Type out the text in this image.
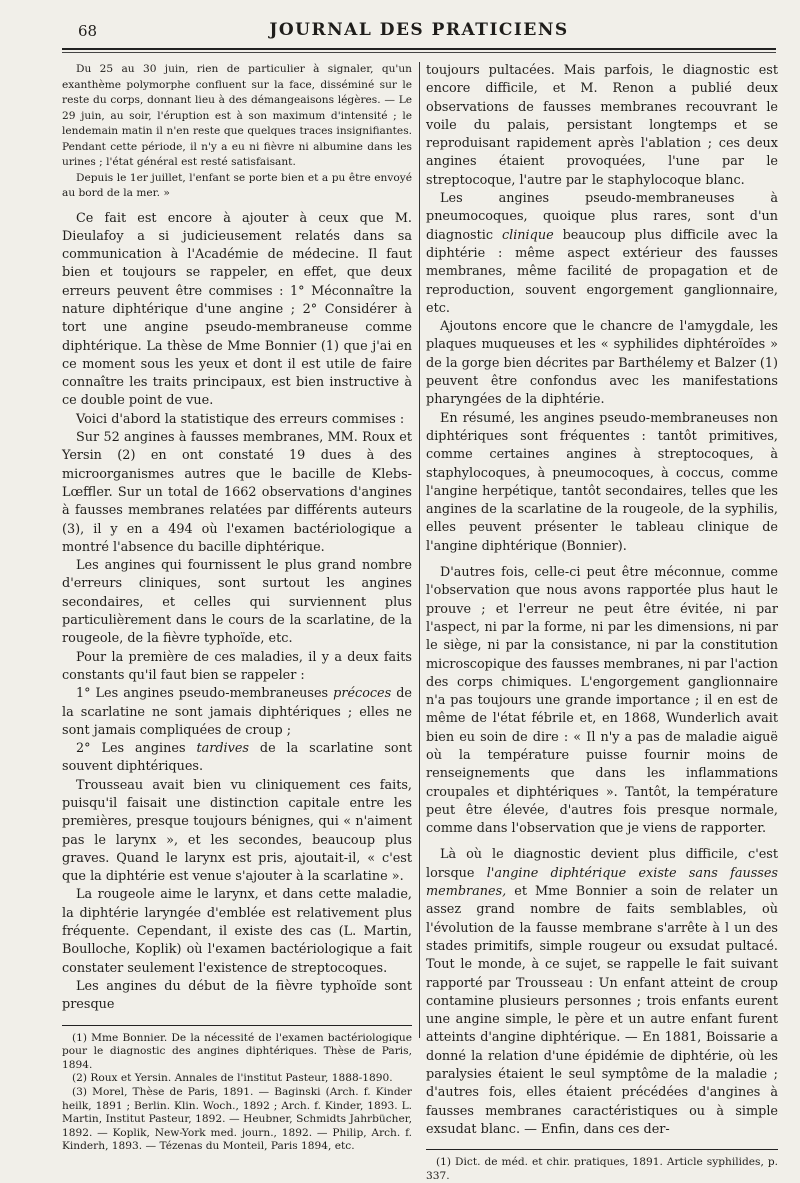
68	JOURNAL DES PRATICIENS

Du 25 au 30 juin, rien de particulier à signaler, qu'un exanthème polymorphe confluent sur la face, disséminé sur le reste du corps, donnant lieu à des démangeaisons légères. — Le 29 juin, au soir, l'éruption est à son maximum d'intensité ; le lendemain matin il n'en reste que quelques traces insignifiantes. Pendant cette période, il n'y a eu ni fièvre ni albumine dans les urines ; l'état général est resté satisfaisant.

Depuis le 1er juillet, l'enfant se porte bien et a pu être envoyé au bord de la mer. »

Ce fait est encore à ajouter à ceux que M. Dieulafoy a si judicieusement relatés dans sa communication à l'Académie de médecine. Il faut bien et toujours se rappeler, en effet, que deux erreurs peuvent être commises : 1° Méconnaître la nature diphtérique d'une angine ; 2° Considérer à tort une angine pseudo-membraneuse comme diphtérique. La thèse de Mme Bonnier (1) que j'ai en ce moment sous les yeux et dont il est utile de faire connaître les traits principaux, est bien instructive à ce double point de vue.

Voici d'abord la statistique des erreurs commises :

Sur 52 angines à fausses membranes, MM. Roux et Yersin (2) en ont constaté 19 dues à des microorganismes autres que le bacille de Klebs-Lœffler. Sur un total de 1662 observations d'angines à fausses membranes relatées par différents auteurs (3), il y en a 494 où l'examen bactériologique a montré l'absence du bacille diphtérique.

Les angines qui fournissent le plus grand nombre d'erreurs cliniques, sont surtout les angines secondaires, et celles qui surviennent plus particulièrement dans le cours de la scarlatine, de la rougeole, de la fièvre typhoïde, etc.

Pour la première de ces maladies, il y a deux faits constants qu'il faut bien se rappeler :

1° Les angines pseudo-membraneuses précoces de la scarlatine ne sont jamais diphtériques ; elles ne sont jamais compliquées de croup ;

2° Les angines tardives de la scarlatine sont souvent diphtériques.

Trousseau avait bien vu cliniquement ces faits, puisqu'il faisait une distinction capitale entre les premières, presque toujours bénignes, qui « n'aiment pas le larynx », et les secondes, beaucoup plus graves. Quand le larynx est pris, ajoutait-il, « c'est que la diphtérie est venue s'ajouter à la scarlatine ».

La rougeole aime le larynx, et dans cette maladie, la diphtérie laryngée d'emblée est relativement plus fréquente. Cependant, il existe des cas (L. Martin, Boulloche, Koplik) où l'examen bactériologique a fait constater seulement l'existence de streptocoques.

Les angines du début de la fièvre typhoïde sont presque

(1) Mme Bonnier. De la nécessité de l'examen bactériologique pour le diagnostic des angines diphtériques. Thèse de Paris, 1894.

(2) Roux et Yersin. Annales de l'institut Pasteur, 1888-1890.

(3) Morel, Thèse de Paris, 1891. — Baginski (Arch. f. Kinder heilk, 1891 ; Berlin. Klin. Woch., 1892 ; Arch. f. Kinder, 1893. L. Martin, Institut Pasteur, 1892. — Heubner, Schmidts Jahrbücher, 1892. — Koplik, New-York med. journ., 1892. — Philip, Arch. f. Kinderh, 1893. — Tézenas du Monteil, Paris 1894, etc.

toujours pultacées. Mais parfois, le diagnostic est encore difficile, et M. Renon a publié deux observations de fausses membranes recouvrant le voile du palais, persistant longtemps et se reproduisant rapidement après l'ablation ; ces deux angines étaient provoquées, l'une par le streptocoque, l'autre par le staphylocoque blanc.

Les angines pseudo-membraneuses à pneumocoques, quoique plus rares, sont d'un diagnostic clinique beaucoup plus difficile avec la diphtérie : même aspect extérieur des fausses membranes, même facilité de propagation et de reproduction, souvent engorgement ganglionnaire, etc.

Ajoutons encore que le chancre de l'amygdale, les plaques muqueuses et les « syphilides diphtéroïdes » de la gorge bien décrites par Barthélemy et Balzer (1) peuvent être confondus avec les manifestations pharyngées de la diphtérie.

En résumé, les angines pseudo-membraneuses non diphtériques sont fréquentes : tantôt primitives, comme certaines angines à streptocoques, à staphylocoques, à pneumocoques, à coccus, comme l'angine herpétique, tantôt secondaires, telles que les angines de la scarlatine de la rougeole, de la syphilis, elles peuvent présenter le tableau clinique de l'angine diphtérique (Bonnier).

D'autres fois, celle-ci peut être méconnue, comme l'observation que nous avons rapportée plus haut le prouve ; et l'erreur ne peut être évitée, ni par l'aspect, ni par la forme, ni par les dimensions, ni par le siège, ni par la consistance, ni par la constitution microscopique des fausses membranes, ni par l'action des corps chimiques. L'engorgement ganglionnaire n'a pas toujours une grande importance ; il en est de même de l'état fébrile et, en 1868, Wunderlich avait bien eu soin de dire : « Il n'y a pas de maladie aiguë où la température puisse fournir moins de renseignements que dans les inflammations croupales et diphtériques ». Tantôt, la température peut être élevée, d'autres fois presque normale, comme dans l'observation que je viens de rapporter.

Là où le diagnostic devient plus difficile, c'est lorsque l'angine diphtérique existe sans fausses membranes, et Mme Bonnier a soin de relater un assez grand nombre de faits semblables, où l'évolution de la fausse membrane s'arrête à l un des stades primitifs, simple rougeur ou exsudat pultacé. Tout le monde, à ce sujet, se rappelle le fait suivant rapporté par Trousseau : Un enfant atteint de croup contamine plusieurs personnes ; trois enfants eurent une angine simple, le père et un autre enfant furent atteints d'angine diphtérique. — En 1881, Boissarie a donné la relation d'une épidémie de diphtérie, où les paralysies étaient le seul symptôme de la maladie ; d'autres fois, elles étaient précédées d'angines à fausses membranes caractéristiques ou à simple exsudat blanc. — Enfin, dans ces der-

(1) Dict. de méd. et chir. pratiques, 1891. Article syphilides, p. 337.
